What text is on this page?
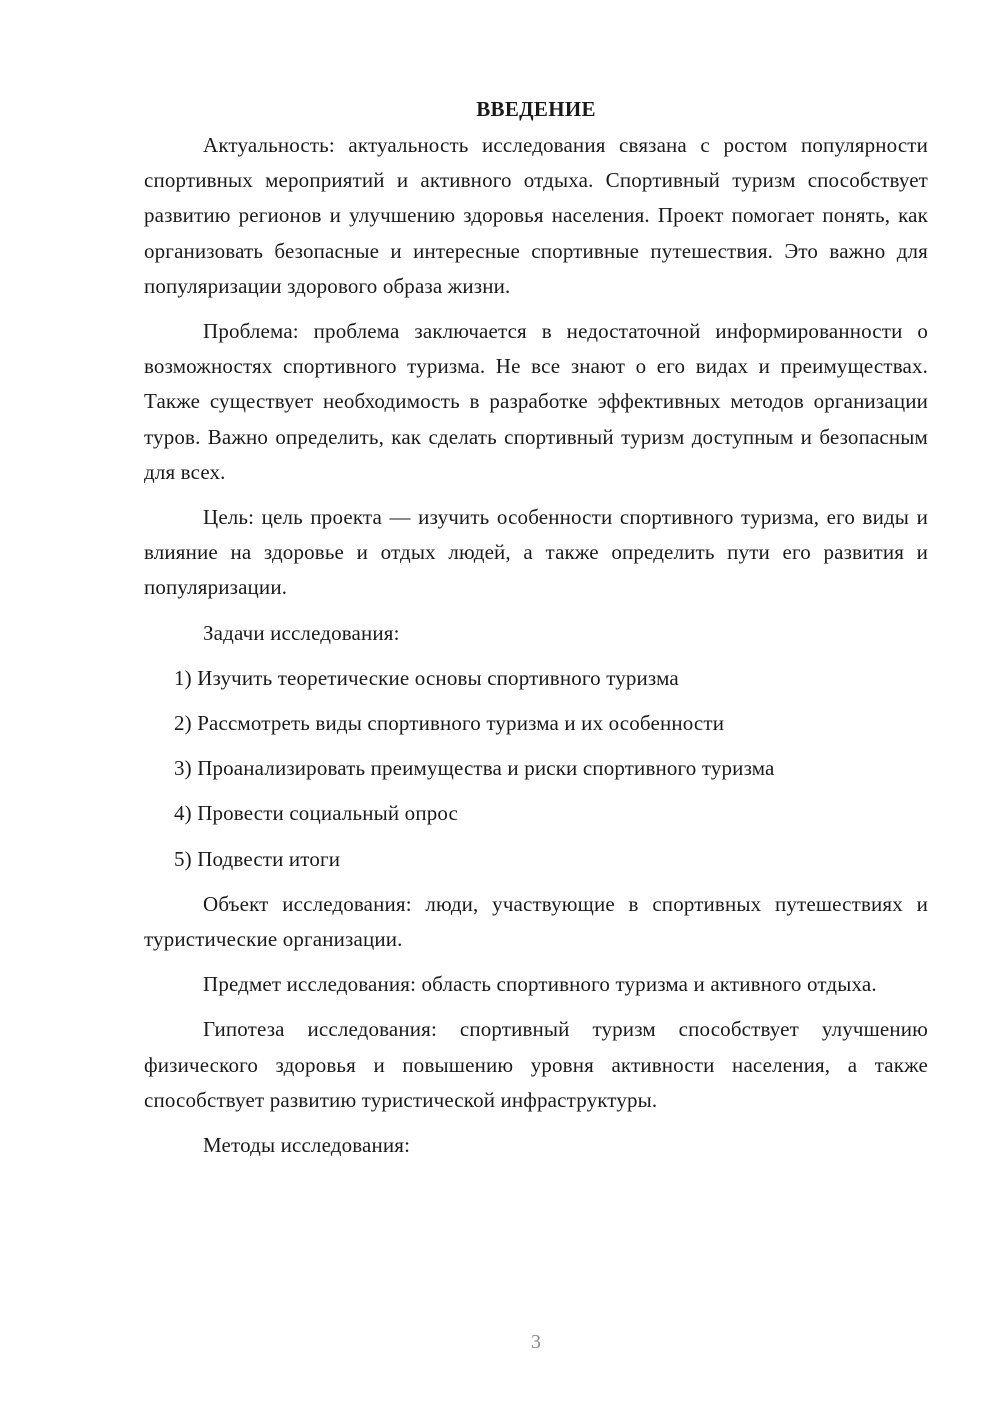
ВВЕДЕНИЕ

Актуальность: актуальность исследования связана с ростом популярности спортивных мероприятий и активного отдыха. Спортивный туризм способствует развитию регионов и улучшению здоровья населения. Проект помогает понять, как организовать безопасные и интересные спортивные путешествия. Это важно для популяризации здорового образа жизни.

Проблема: проблема заключается в недостаточной информированности о возможностях спортивного туризма. Не все знают о его видах и преимуществах. Также существует необходимость в разработке эффективных методов организации туров. Важно определить, как сделать спортивный туризм доступным и безопасным для всех.

Цель: цель проекта — изучить особенности спортивного туризма, его виды и влияние на здоровье и отдых людей, а также определить пути его развития и популяризации.

Задачи исследования:

1) Изучить теоретические основы спортивного туризма
2) Рассмотреть виды спортивного туризма и их особенности
3) Проанализировать преимущества и риски спортивного туризма
4) Провести социальный опрос
5) Подвести итоги

Объект исследования: люди, участвующие в спортивных путешествиях и туристические организации.

Предмет исследования: область спортивного туризма и активного отдыха.

Гипотеза исследования: спортивный туризм способствует улучшению физического здоровья и повышению уровня активности населения, а также способствует развитию туристической инфраструктуры.

Методы исследования:

3
